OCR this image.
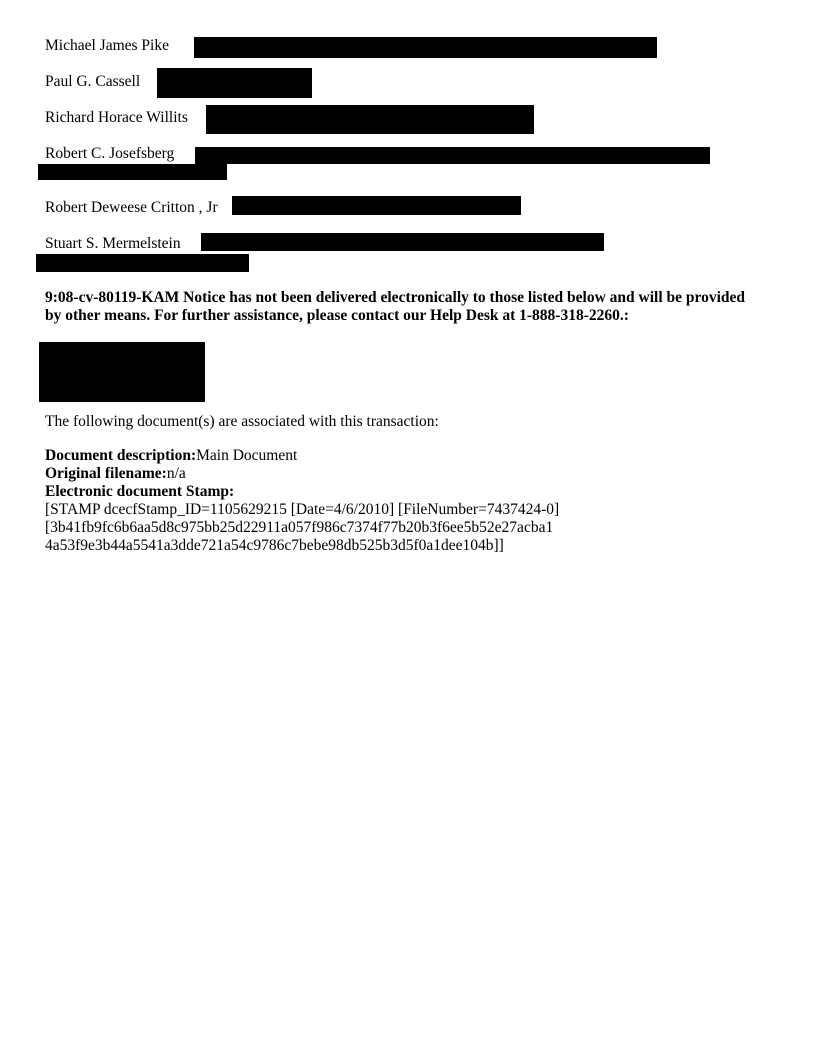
Michael James Pike
Paul G. Cassell
Richard Horace Willits
Robert C. Josefsberg
Robert Deweese Critton , Jr
Stuart S. Mermelstein
9:08-cv-80119-KAM Notice has not been delivered electronically to those listed below and will be provided
by other means. For further assistance, please contact our Help Desk at 1-888-318-2260.:
The following document(s) are associated with this transaction:
Document description:Main Document
Original filename:n/a
Electronic document Stamp:
[STAMP dcecfStamp_ID=1105629215 [Date=4/6/2010] [FileNumber=7437424-0]
[3b41fb9fc6b6aa5d8c975bb25d22911a057f986c7374f77b20b3f6ee5b52e27acba1
4a53f9e3b44a5541a3dde721a54c9786c7bebe98db525b3d5f0a1dee104b]]
